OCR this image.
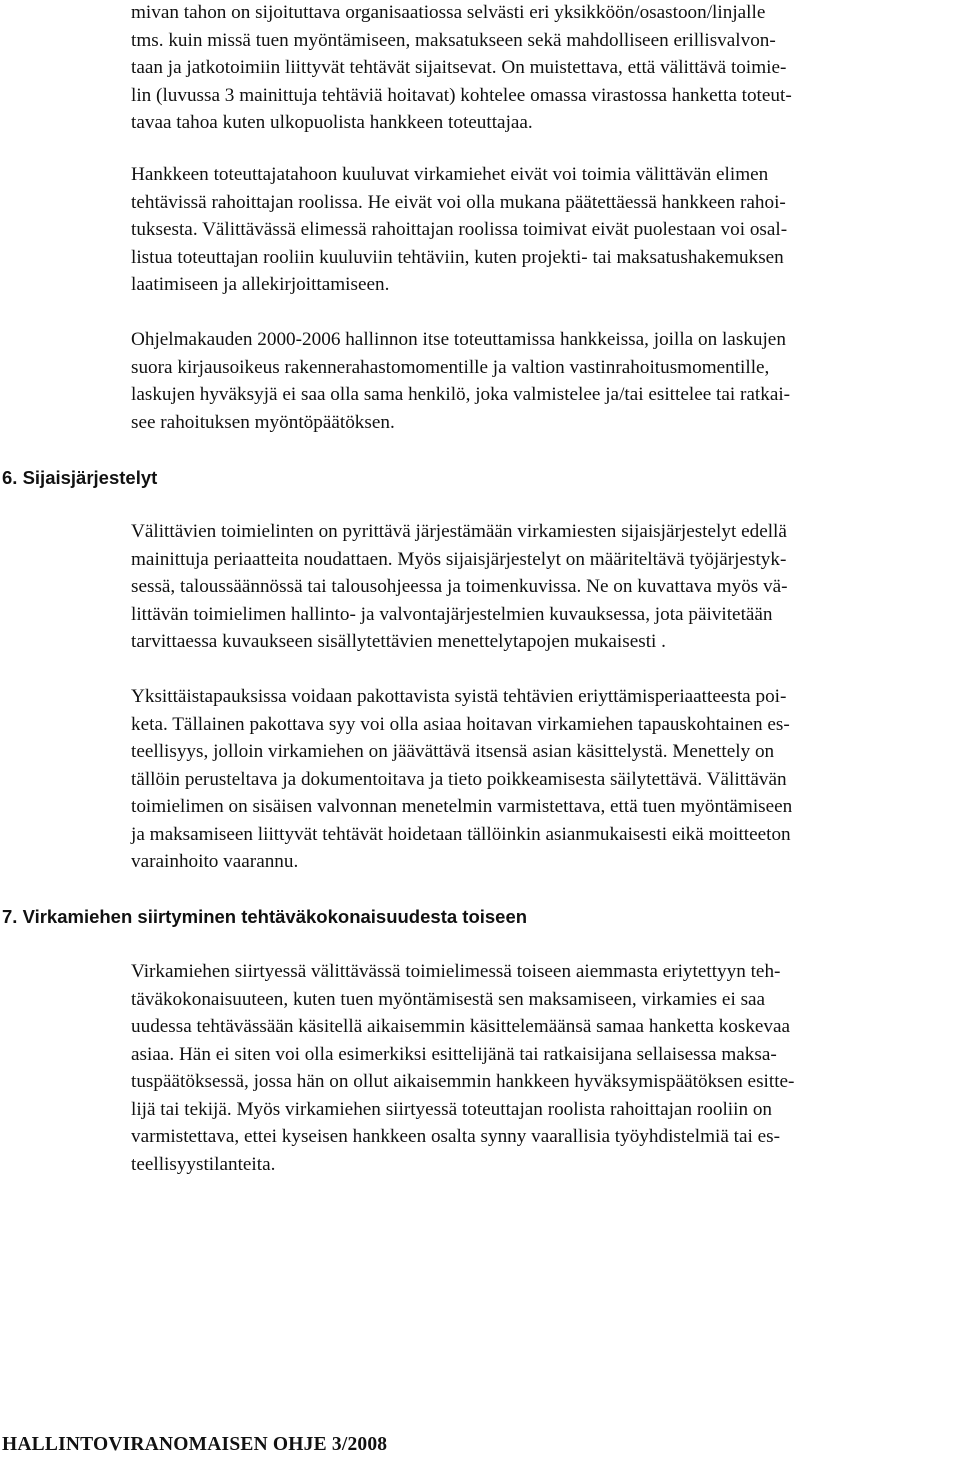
mivan tahon on sijoituttava organisaatiossa selvästi eri yksikköön/osastoon/linjalle
tms. kuin missä tuen myöntämiseen, maksatukseen sekä mahdolliseen erillisvalvon-
taan ja jatkotoimiin liittyvät tehtävät sijaitsevat. On muistettava, että välittävä toimie-
lin (luvussa 3 mainittuja tehtäviä hoitavat) kohtelee omassa virastossa hanketta toteut-
tavaa tahoa kuten ulkopuolista hankkeen toteuttajaa.
Hankkeen toteuttajatahoon kuuluvat virkamiehet eivät voi toimia välittävän elimen
tehtävissä rahoittajan roolissa. He eivät voi olla mukana päätettäessä hankkeen rahoi-
tuksesta. Välittävässä elimessä rahoittajan roolissa toimivat eivät puolestaan voi osal-
listua toteuttajan rooliin kuuluviin tehtäviin, kuten projekti- tai maksatushakemuksen
laatimiseen ja allekirjoittamiseen.
Ohjelmakauden 2000-2006 hallinnon itse toteuttamissa hankkeissa, joilla on laskujen
suora kirjausoikeus rakennerahastomomentille ja valtion vastinrahoitusmomentille,
laskujen hyväksyjä ei saa olla sama henkilö, joka valmistelee ja/tai esittelee tai ratkai-
see rahoituksen myöntöpäätöksen.
6. Sijaisjärjestelyt
Välittävien toimielinten on pyrittävä järjestämään virkamiesten sijaisjärjestelyt edellä
mainittuja periaatteita noudattaen. Myös sijaisjärjestelyt on määriteltävä työjärjestyk-
sessä, taloussäännössä tai talousohjeessa ja toimenkuvissa. Ne on kuvattava myös vä-
littävän toimielimen hallinto- ja valvontajärjestelmien kuvauksessa, jota päivitetään
tarvittaessa kuvaukseen sisällytettävien menettelytapojen mukaisesti .
Yksittäistapauksissa voidaan pakottavista syistä tehtävien eriyttämisperiaatteesta poi-
keta. Tällainen pakottava syy voi olla asiaa hoitavan virkamiehen tapauskohtainen es-
teellisyys, jolloin virkamiehen on jäävättävä itsensä asian käsittelystä. Menettely on
tällöin perusteltava ja dokumentoitava ja tieto poikkeamisesta säilytettävä. Välittävän
toimielimen on sisäisen valvonnan menetelmin varmistettava, että tuen myöntämiseen
ja maksamiseen liittyvät tehtävät hoidetaan tällöinkin asianmukaisesti eikä moitteeton
varainhoito vaarannu.
7. Virkamiehen siirtyminen tehtäväkokonaisuudesta toiseen
Virkamiehen siirtyessä välittävässä toimielimessä toiseen aiemmasta eriytettyyn teh-
täväkokonaisuuteen, kuten tuen myöntämisestä sen maksamiseen, virkamies ei saa
uudessa tehtävässään käsitellä aikaisemmin käsittelemäänsä samaa hanketta koskevaa
asiaa. Hän ei siten voi olla esimerkiksi esittelijänä tai ratkaisijana sellaisessa maksa-
tuspäätöksessä, jossa hän on ollut aikaisemmin hankkeen hyväksymispäätöksen esitte-
lijä tai tekijä. Myös virkamiehen siirtyessä toteuttajan roolista rahoittajan rooliin on
varmistettava, ettei kyseisen hankkeen osalta synny vaarallisia työyhdistelmiä tai es-
teellisyystilanteita.
HALLINTOVIRANOMAISEN OHJE 3/2008
